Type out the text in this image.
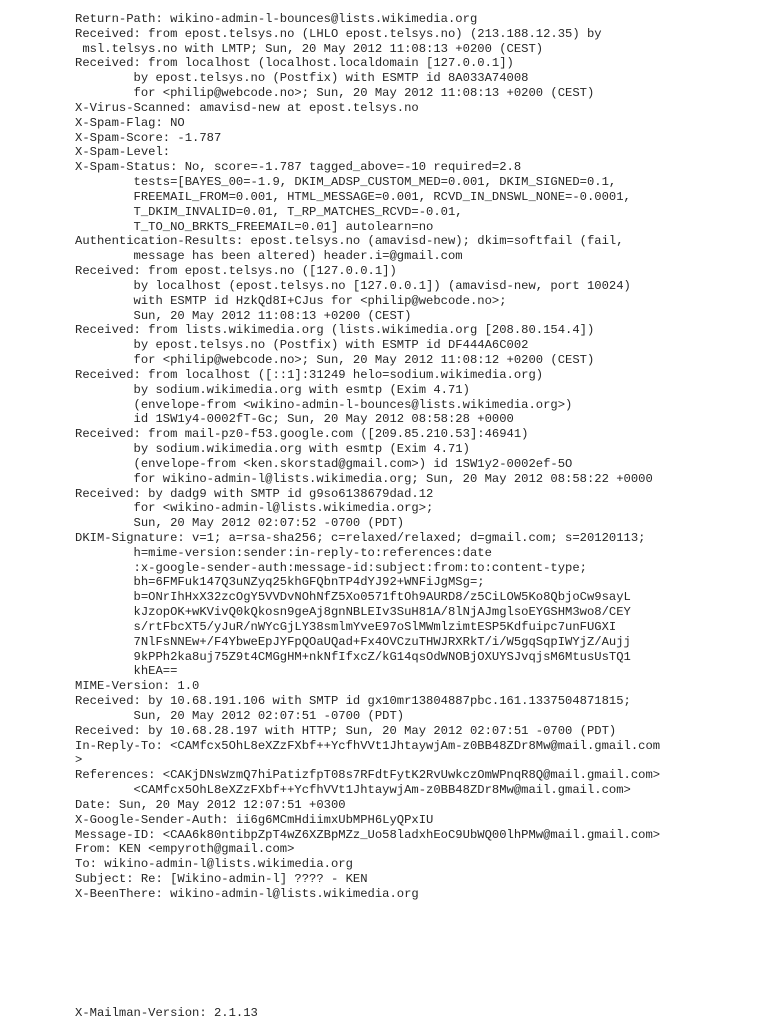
Return-Path: wikino-admin-l-bounces@lists.wikimedia.org
Received: from epost.telsys.no (LHLO epost.telsys.no) (213.188.12.35) by
msl.telsys.no with LMTP; Sun, 20 May 2012 11:08:13 +0200 (CEST)
Received: from localhost (localhost.localdomain [127.0.0.1])
by epost.telsys.no (Postfix) with ESMTP id 8A033A74008
for <philip@webcode.no>; Sun, 20 May 2012 11:08:13 +0200 (CEST)
X-Virus-Scanned: amavisd-new at epost.telsys.no
X-Spam-Flag: NO
X-Spam-Score: -1.787
X-Spam-Level:
X-Spam-Status: No, score=-1.787 tagged_above=-10 required=2.8
tests=[BAYES_00=-1.9, DKIM_ADSP_CUSTOM_MED=0.001, DKIM_SIGNED=0.1,
FREEMAIL_FROM=0.001, HTML_MESSAGE=0.001, RCVD_IN_DNSWL_NONE=-0.0001,
T_DKIM_INVALID=0.01, T_RP_MATCHES_RCVD=-0.01,
T_TO_NO_BRKTS_FREEMAIL=0.01] autolearn=no
Authentication-Results: epost.telsys.no (amavisd-new); dkim=softfail (fail,
message has been altered) header.i=@gmail.com
Received: from epost.telsys.no ([127.0.0.1])
by localhost (epost.telsys.no [127.0.0.1]) (amavisd-new, port 10024)
with ESMTP id HzkQd8I+CJus for <philip@webcode.no>;
Sun, 20 May 2012 11:08:13 +0200 (CEST)
Received: from lists.wikimedia.org (lists.wikimedia.org [208.80.154.4])
by epost.telsys.no (Postfix) with ESMTP id DF444A6C002
for <philip@webcode.no>; Sun, 20 May 2012 11:08:12 +0200 (CEST)
Received: from localhost ([::1]:31249 helo=sodium.wikimedia.org)
by sodium.wikimedia.org with esmtp (Exim 4.71)
(envelope-from <wikino-admin-l-bounces@lists.wikimedia.org>)
id 1SW1y4-0002fT-Gc; Sun, 20 May 2012 08:58:28 +0000
Received: from mail-pz0-f53.google.com ([209.85.210.53]:46941)
by sodium.wikimedia.org with esmtp (Exim 4.71)
(envelope-from <ken.skorstad@gmail.com>) id 1SW1y2-0002ef-5O
for wikino-admin-l@lists.wikimedia.org; Sun, 20 May 2012 08:58:22 +0000
Received: by dadg9 with SMTP id g9so6138679dad.12
for <wikino-admin-l@lists.wikimedia.org>;
Sun, 20 May 2012 02:07:52 -0700 (PDT)
DKIM-Signature: v=1; a=rsa-sha256; c=relaxed/relaxed; d=gmail.com; s=20120113;
h=mime-version:sender:in-reply-to:references:date
:x-google-sender-auth:message-id:subject:from:to:content-type;
bh=6FMFuk147Q3uNZyq25khGFQbnTP4dYJ92+WNFiJgMSg=;
b=ONrIhHxX32zcOgY5VVDvNOhNfZ5Xo0571ftOh9AURD8/z5CiLOW5Ko8QbjoCw9sayL
kJzopOK+wKVivQ0kQkosn9geAj8gnNBLEIv3SuH81A/8lNjAJmglsoEYGSHM3wo8/CEY
s/rtFbcXT5/yJuR/nWYcGjLY38smlmYveE97oSlMWmlzimtESP5Kdfuipc7unFUGXI
7NlFsNNEw+/F4YbweEpJYFpQOaUQad+Fx4OVCzuTHWJRXRkT/i/W5gqSqpIWYjZ/Aujj
9kPPh2ka8uj75Z9t4CMGgHM+nkNfIfxcZ/kG14qsOdWNOBjOXUYSJvqjsM6MtusUsTQ1
khEA==
MIME-Version: 1.0
Received: by 10.68.191.106 with SMTP id gx10mr13804887pbc.161.1337504871815;
Sun, 20 May 2012 02:07:51 -0700 (PDT)
Received: by 10.68.28.197 with HTTP; Sun, 20 May 2012 02:07:51 -0700 (PDT)
In-Reply-To: <CAMfcx5OhL8eXZzFXbf++YcfhVVt1JhtaywjAm-z0BB48ZDr8Mw@mail.gmail.com
>
References: <CAKjDNsWzmQ7hiPatizfpT08s7RFdtFytK2RvUwkczOmWPnqR8Q@mail.gmail.com>
<CAMfcx5OhL8eXZzFXbf++YcfhVVt1JhtaywjAm-z0BB48ZDr8Mw@mail.gmail.com>
Date: Sun, 20 May 2012 12:07:51 +0300
X-Google-Sender-Auth: ii6g6MCmHdiimxUbMPH6LyQPxIU
Message-ID: <CAA6k80ntibpZpT4wZ6XZBpMZz_Uo58ladxhEoC9UbWQ00lhPMw@mail.gmail.com>
From: KEN <empyroth@gmail.com>
To: wikino-admin-l@lists.wikimedia.org
Subject: Re: [Wikino-admin-l] ???? - KEN
X-BeenThere: wikino-admin-l@lists.wikimedia.org
X-Mailman-Version: 2.1.13
